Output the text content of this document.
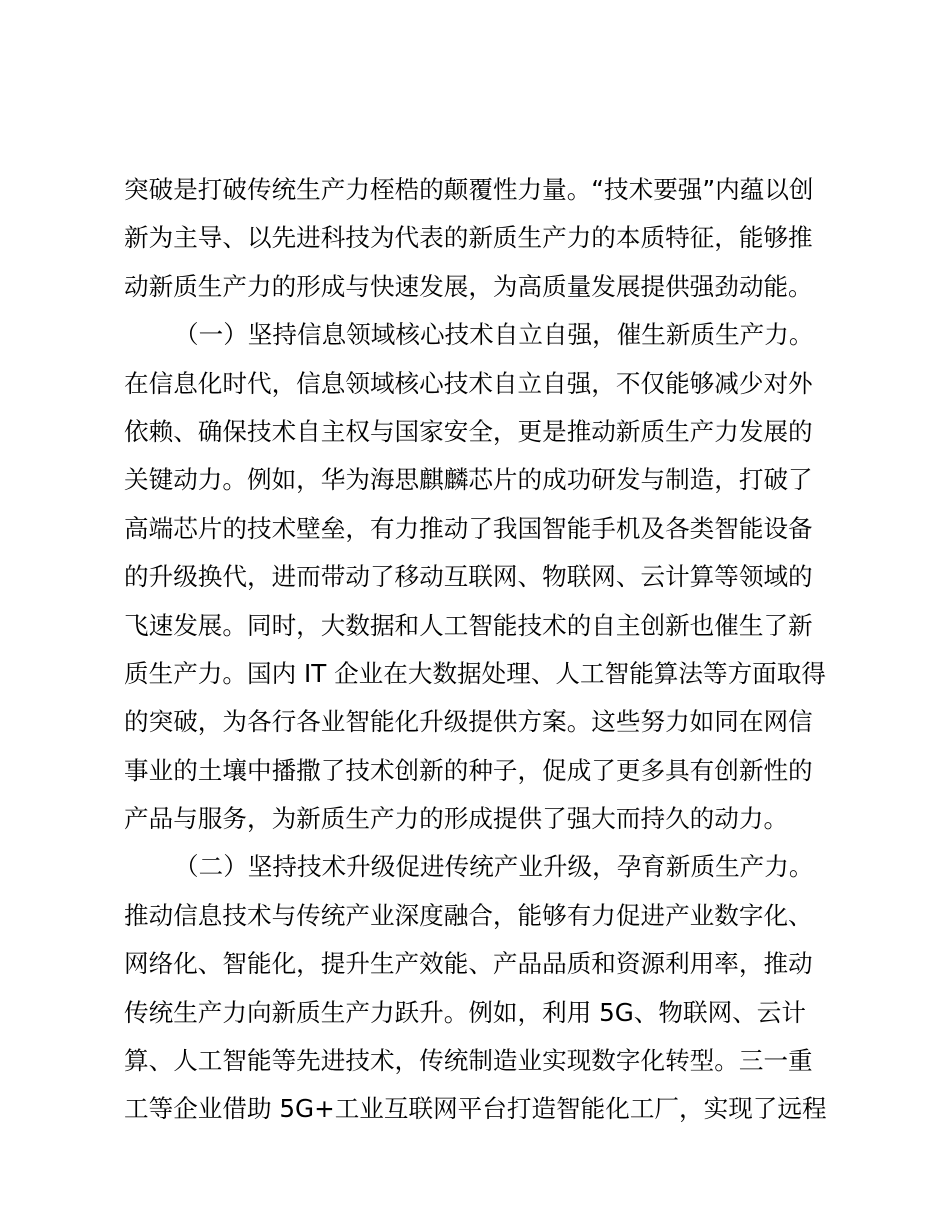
突破是打破传统生产力桎梏的颠覆性力量。“技术要强”内蕴以创
新为主导、以先进科技为代表的新质生产力的本质特征，能够推
动新质生产力的形成与快速发展，为高质量发展提供强劲动能。
（一）坚持信息领域核心技术自立自强，催生新质生产力。
在信息化时代，信息领域核心技术自立自强，不仅能够减少对外
依赖、确保技术自主权与国家安全，更是推动新质生产力发展的
关键动力。例如，华为海思麒麟芯片的成功研发与制造，打破了
高端芯片的技术壁垒，有力推动了我国智能手机及各类智能设备
的升级换代，进而带动了移动互联网、物联网、云计算等领域的
飞速发展。同时，大数据和人工智能技术的自主创新也催生了新
质生产力。国内 IT 企业在大数据处理、人工智能算法等方面取得
的突破，为各行各业智能化升级提供方案。这些努力如同在网信
事业的土壤中播撒了技术创新的种子，促成了更多具有创新性的
产品与服务，为新质生产力的形成提供了强大而持久的动力。
（二）坚持技术升级促进传统产业升级，孕育新质生产力。
推动信息技术与传统产业深度融合，能够有力促进产业数字化、
网络化、智能化，提升生产效能、产品品质和资源利用率，推动
传统生产力向新质生产力跃升。例如，利用 5G、物联网、云计
算、人工智能等先进技术，传统制造业实现数字化转型。三一重
工等企业借助 5G+工业互联网平台打造智能化工厂，实现了远程
